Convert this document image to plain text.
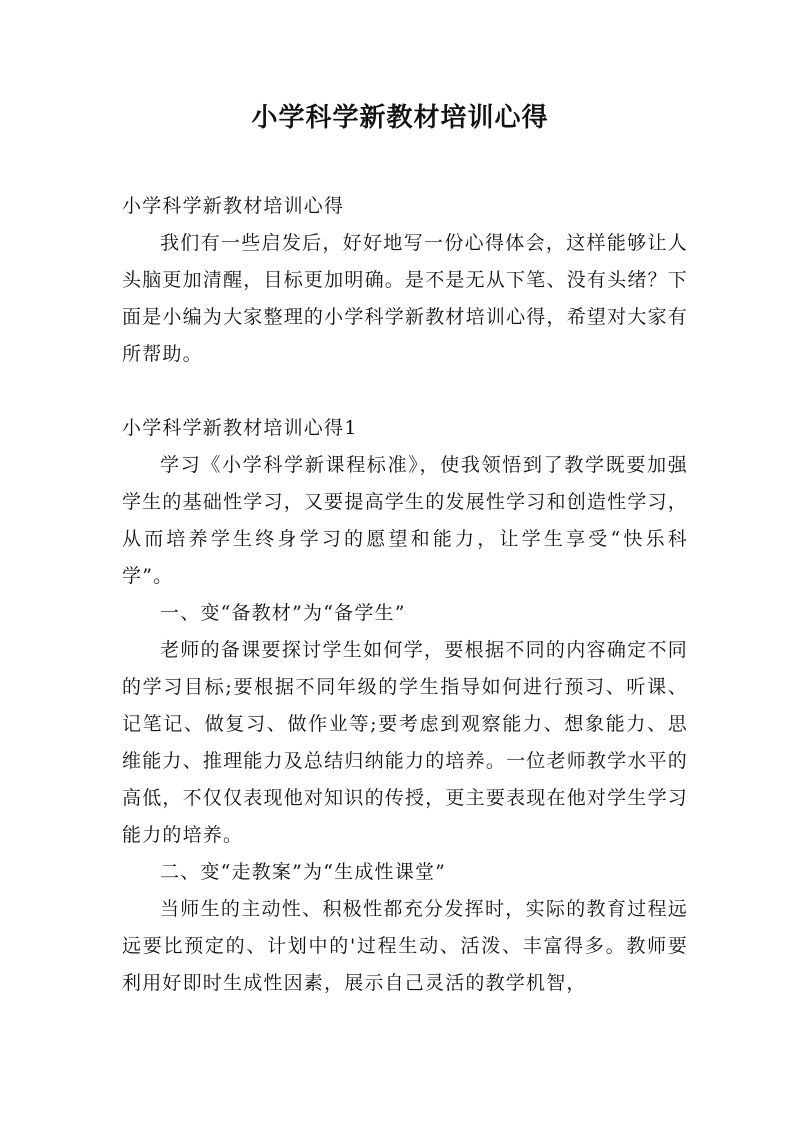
小学科学新教材培训心得

小学科学新教材培训心得

我们有一些启发后，好好地写一份心得体会，这样能够让人头脑更加清醒，目标更加明确。是不是无从下笔、没有头绪？下面是小编为大家整理的小学科学新教材培训心得，希望对大家有所帮助。

小学科学新教材培训心得1

学习《小学科学新课程标准》，使我领悟到了教学既要加强学生的基础性学习，又要提高学生的发展性学习和创造性学习，从而培养学生终身学习的愿望和能力，让学生享受“快乐科学”。

一、变“备教材”为“备学生”

老师的备课要探讨学生如何学，要根据不同的内容确定不同的学习目标;要根据不同年级的学生指导如何进行预习、听课、记笔记、做复习、做作业等;要考虑到观察能力、想象能力、思维能力、推理能力及总结归纳能力的培养。一位老师教学水平的高低，不仅仅表现他对知识的传授，更主要表现在他对学生学习能力的培养。

二、变“走教案”为“生成性课堂”

当师生的主动性、积极性都充分发挥时，实际的教育过程远远要比预定的、计划中的'过程生动、活泼、丰富得多。教师要利用好即时生成性因素，展示自己灵活的教学机智，
